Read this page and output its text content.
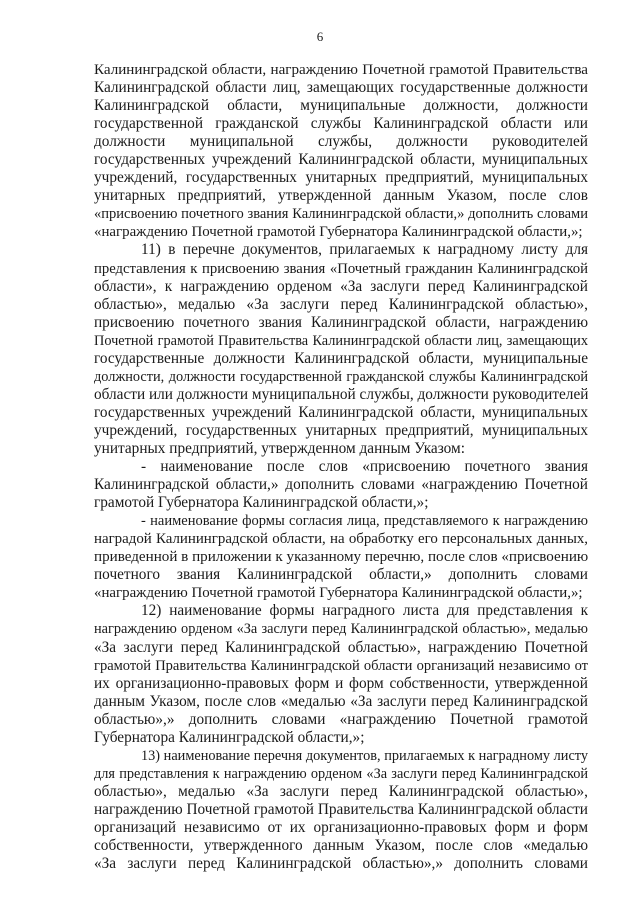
6
Калининградской области, награждению Почетной грамотой Правительства
Калининградской области лиц, замещающих государственные должности
Калининградской области, муниципальные должности, должности
государственной гражданской службы Калининградской области или
должности муниципальной службы, должности руководителей
государственных учреждений Калининградской области, муниципальных
учреждений, государственных унитарных предприятий, муниципальных
унитарных предприятий, утвержденной данным Указом, после слов
«присвоению почетного звания Калининградской области,» дополнить словами
«награждению Почетной грамотой Губернатора Калининградской области,»;
11) в перечне документов, прилагаемых к наградному листу для
представления к присвоению звания «Почетный гражданин Калининградской
области», к награждению орденом «За заслуги перед Калининградской
областью», медалью «За заслуги перед Калининградской областью»,
присвоению почетного звания Калининградской области, награждению
Почетной грамотой Правительства Калининградской области лиц, замещающих
государственные должности Калининградской области, муниципальные
должности, должности государственной гражданской службы Калининградской
области или должности муниципальной службы, должности руководителей
государственных учреждений Калининградской области, муниципальных
учреждений, государственных унитарных предприятий, муниципальных
унитарных предприятий, утвержденном данным Указом:
- наименование после слов «присвоению почетного звания
Калининградской области,» дополнить словами «награждению Почетной
грамотой Губернатора Калининградской области,»;
- наименование формы согласия лица, представляемого к награждению
наградой Калининградской области, на обработку его персональных данных,
приведенной в приложении к указанному перечню, после слов «присвоению
почетного звания Калининградской области,» дополнить словами
«награждению Почетной грамотой Губернатора Калининградской области,»;
12) наименование формы наградного листа для представления к
награждению орденом «За заслуги перед Калининградской областью», медалью
«За заслуги перед Калининградской областью», награждению Почетной
грамотой Правительства Калининградской области организаций независимо от
их организационно-правовых форм и форм собственности, утвержденной
данным Указом, после слов «медалью «За заслуги перед Калининградской
областью»,» дополнить словами «награждению Почетной грамотой
Губернатора Калининградской области,»;
13) наименование перечня документов, прилагаемых к наградному листу
для представления к награждению орденом «За заслуги перед Калининградской
областью», медалью «За заслуги перед Калининградской областью»,
награждению Почетной грамотой Правительства Калининградской области
организаций независимо от их организационно-правовых форм и форм
собственности, утвержденного данным Указом, после слов «медалью
«За заслуги перед Калининградской областью»,» дополнить словами
